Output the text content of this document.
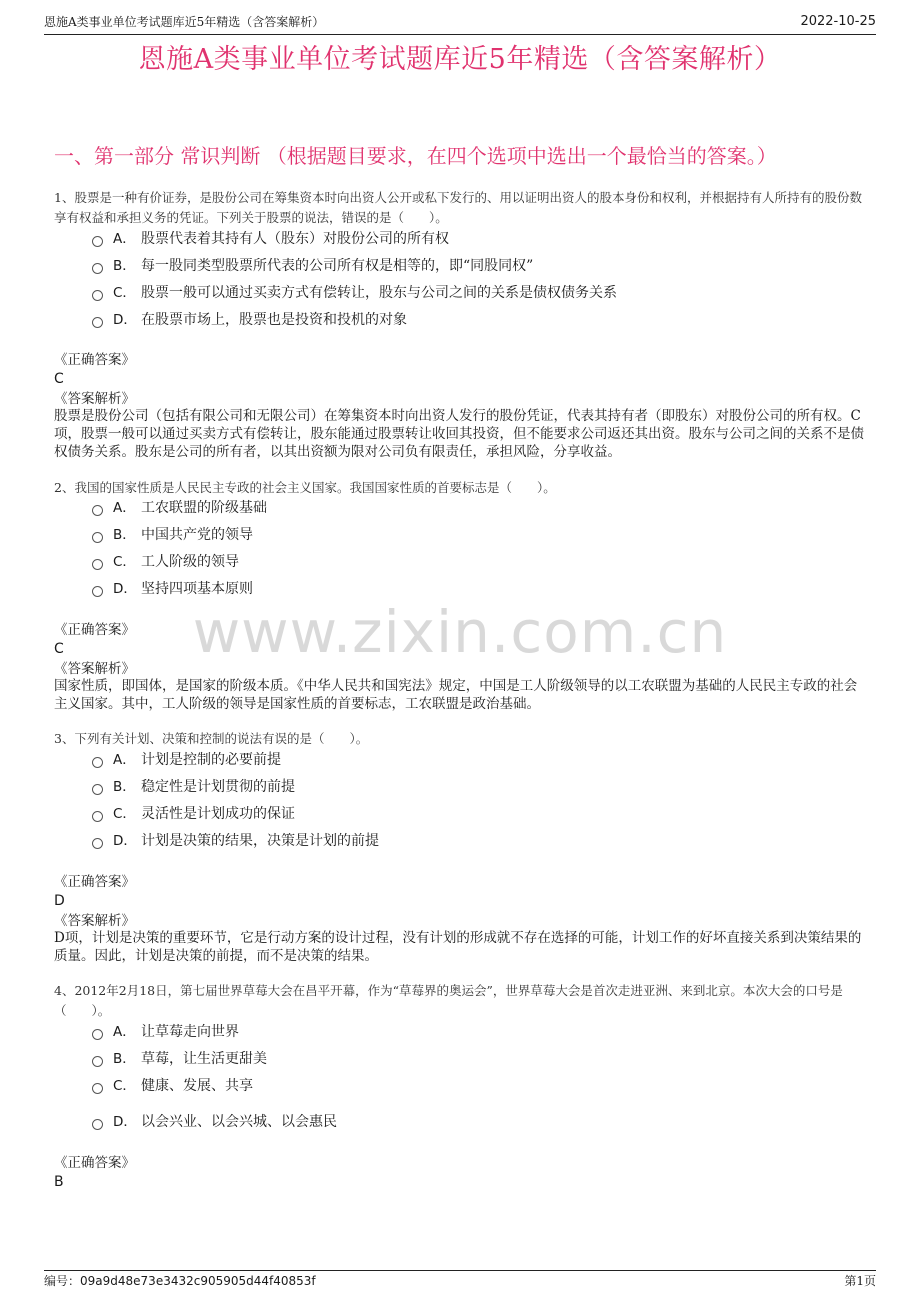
恩施A类事业单位考试题库近5年精选（含答案解析）	2022-10-25
恩施A类事业单位考试题库近5年精选（含答案解析）
一、第一部分 常识判断 （根据题目要求，在四个选项中选出一个最恰当的答案。）
www.zixin.com.cn
1、股票是一种有价证券，是股份公司在筹集资本时向出资人公开或私下发行的、用以证明出资人的股本身份和权利，并根据持有人所持有的股份数享有权益和承担义务的凭证。下列关于股票的说法，错误的是（　　）。
A． 股票代表着其持有人（股东）对股份公司的所有权
B． 每一股同类型股票所代表的公司所有权是相等的，即“同股同权”
C． 股票一般可以通过买卖方式有偿转让，股东与公司之间的关系是债权债务关系
D． 在股票市场上，股票也是投资和投机的对象
《正确答案》
C
《答案解析》
股票是股份公司（包括有限公司和无限公司）在筹集资本时向出资人发行的股份凭证，代表其持有者（即股东）对股份公司的所有权。C项，股票一般可以通过买卖方式有偿转让，股东能通过股票转让收回其投资，但不能要求公司返还其出资。股东与公司之间的关系不是债权债务关系。股东是公司的所有者，以其出资额为限对公司负有限责任，承担风险，分享收益。
2、我国的国家性质是人民民主专政的社会主义国家。我国国家性质的首要标志是（　　）。
A． 工农联盟的阶级基础
B． 中国共产党的领导
C． 工人阶级的领导
D． 坚持四项基本原则
《正确答案》
C
《答案解析》
国家性质，即国体，是国家的阶级本质。《中华人民共和国宪法》规定，中国是工人阶级领导的以工农联盟为基础的人民民主专政的社会主义国家。其中，工人阶级的领导是国家性质的首要标志，工农联盟是政治基础。
3、下列有关计划、决策和控制的说法有误的是（　　）。
A． 计划是控制的必要前提
B． 稳定性是计划贯彻的前提
C． 灵活性是计划成功的保证
D． 计划是决策的结果，决策是计划的前提
《正确答案》
D
《答案解析》
D项，计划是决策的重要环节，它是行动方案的设计过程，没有计划的形成就不存在选择的可能，计划工作的好坏直接关系到决策结果的质量。因此，计划是决策的前提，而不是决策的结果。
4、2012年2月18日，第七届世界草莓大会在昌平开幕，作为“草莓界的奥运会”，世界草莓大会是首次走进亚洲、来到北京。本次大会的口号是（　　）。
A． 让草莓走向世界
B． 草莓，让生活更甜美
C． 健康、发展、共享
D． 以会兴业、以会兴城、以会惠民
《正确答案》
B
编号：09a9d48e73e3432c905905d44f40853f	第1页
